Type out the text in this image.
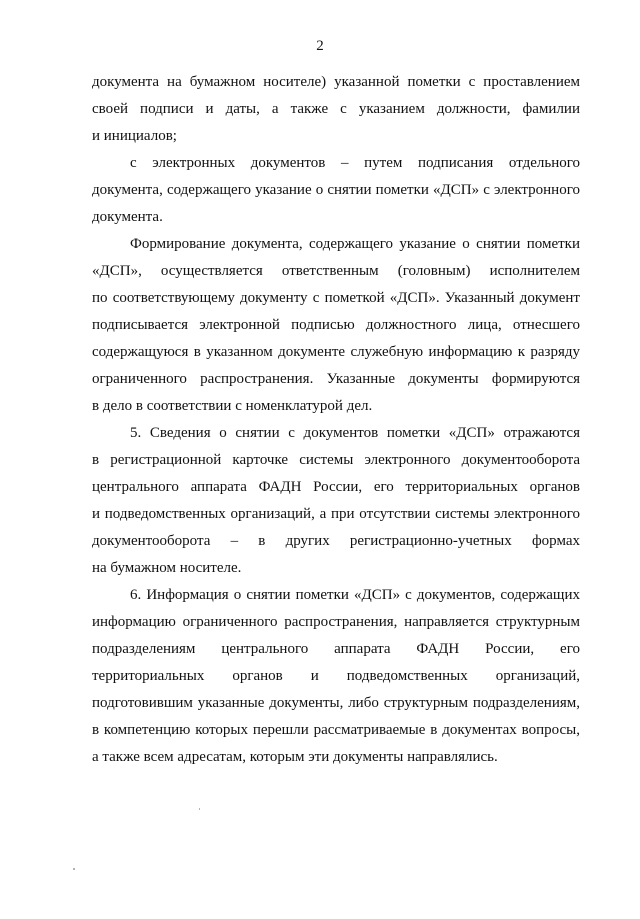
2
документа на бумажном носителе) указанной пометки с проставлением
своей подписи и даты, а также с указанием должности, фамилии
и инициалов;
с электронных документов – путем подписания отдельного
документа, содержащего указание о снятии пометки «ДСП» с электронного
документа.
Формирование документа, содержащего указание о снятии пометки
«ДСП», осуществляется ответственным (головным) исполнителем
по соответствующему документу с пометкой «ДСП». Указанный документ
подписывается электронной подписью должностного лица, отнесшего
содержащуюся в указанном документе служебную информацию к разряду
ограниченного распространения. Указанные документы формируются
в дело в соответствии с номенклатурой дел.
5. Сведения о снятии с документов пометки «ДСП» отражаются
в регистрационной карточке системы электронного документооборота
центрального аппарата ФАДН России, его территориальных органов
и подведомственных организаций, а при отсутствии системы электронного
документооборота – в других регистрационно-учетных формах
на бумажном носителе.
6. Информация о снятии пометки «ДСП» с документов, содержащих
информацию ограниченного распространения, направляется структурным
подразделениям центрального аппарата ФАДН России, его
территориальных органов и подведомственных организаций,
подготовившим указанные документы, либо структурным подразделениям,
в компетенцию которых перешли рассматриваемые в документах вопросы,
а также всем адресатам, которым эти документы направлялись.
